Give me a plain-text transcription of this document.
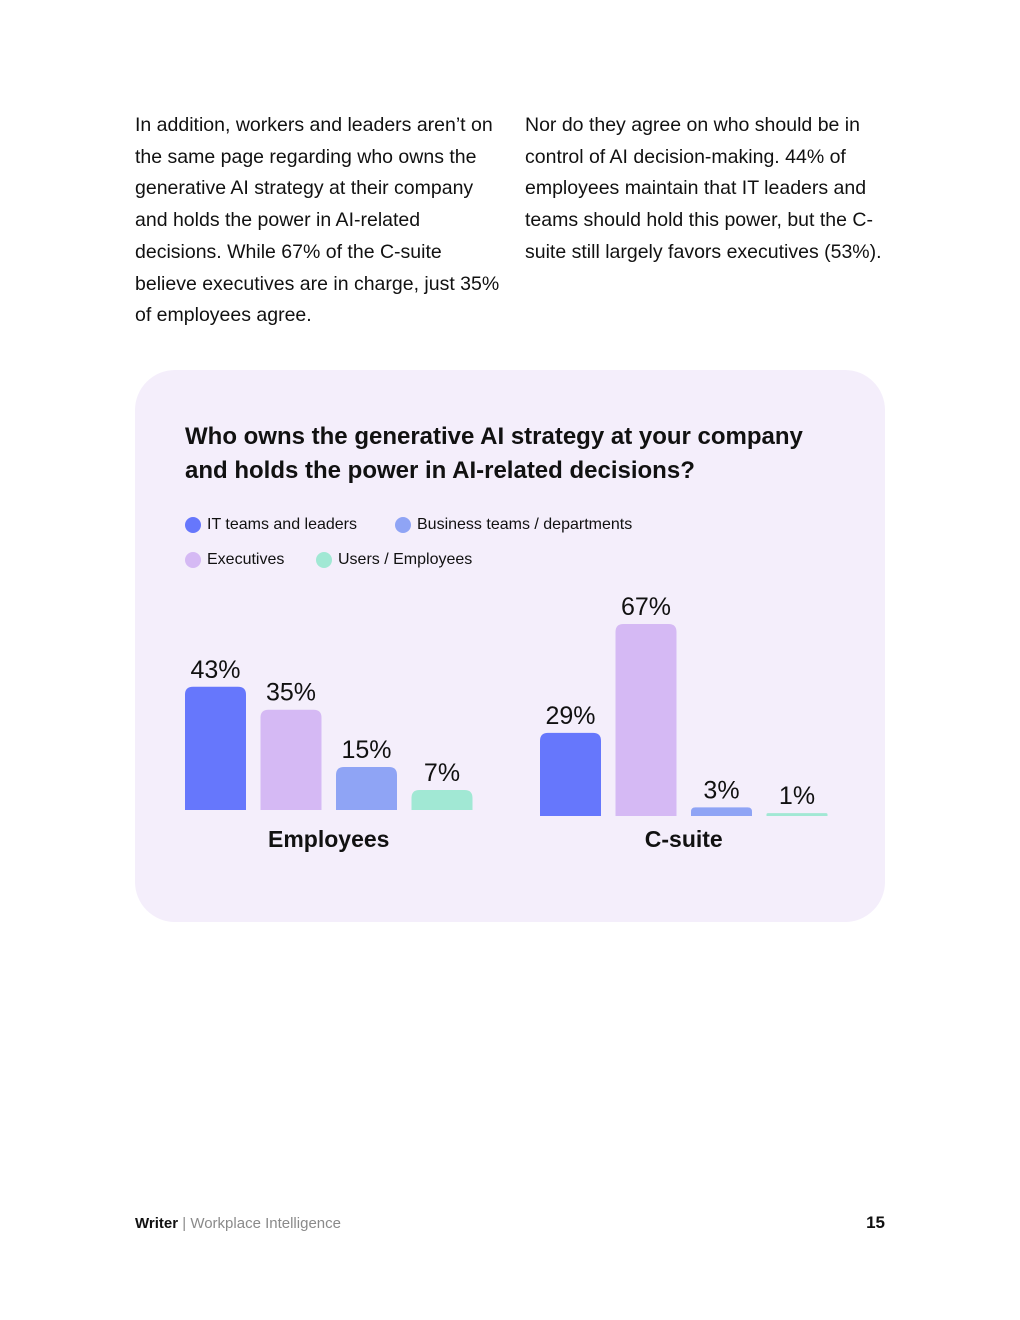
In addition, workers and leaders aren’t on the same page regarding who owns the generative AI strategy at their company and holds the power in AI-related decisions. While 67% of the C-suite believe executives are in charge, just 35% of employees agree.
Nor do they agree on who should be in control of AI decision-making. 44% of employees maintain that IT leaders and teams should hold this power, but the C-suite still largely favors executives (53%).
Who owns the generative AI strategy at your company and holds the power in AI-related decisions?
IT teams and leaders	Business teams / departments
Executives	Users / Employees
43%
35%
15%
7%
Employees
29%
67%
3% 1%
C-suite
Writer | Workplace Intelligence	15
